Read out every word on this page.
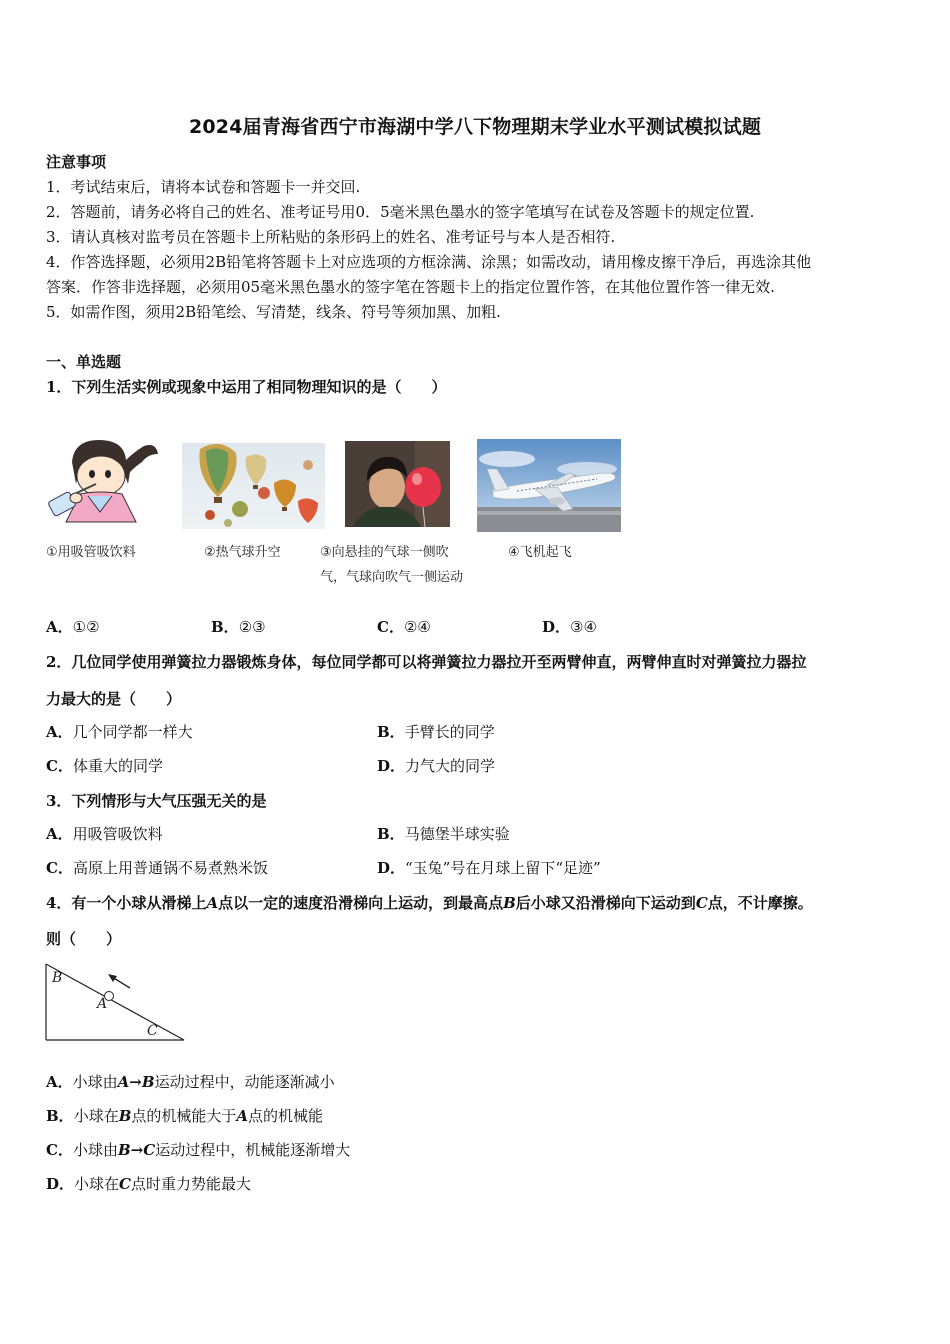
2024届青海省西宁市海湖中学八下物理期末学业水平测试模拟试题
注意事项
1．考试结束后，请将本试卷和答题卡一并交回.
2．答题前，请务必将自己的姓名、准考证号用0．5毫米黑色墨水的签字笔填写在试卷及答题卡的规定位置.
3．请认真核对监考员在答题卡上所粘贴的条形码上的姓名、准考证号与本人是否相符.
4．作答选择题，必须用2B铅笔将答题卡上对应选项的方框涂满、涂黑；如需改动，请用橡皮擦干净后，再选涂其他
答案．作答非选择题，必须用05毫米黑色墨水的签字笔在答题卡上的指定位置作答，在其他位置作答一律无效.
5．如需作图，须用2B铅笔绘、写清楚，线条、符号等须加黑、加粗.
一、单选题
1．下列生活实例或现象中运用了相同物理知识的是（　　）
①用吸管吸饮料	②热气球升空	③向悬挂的气球一侧吹
气，气球向吹气一侧运动
④飞机起飞
A．①②	B．②③	C．②④	D．③④
2．几位同学使用弹簧拉力器锻炼身体，每位同学都可以将弹簧拉力器拉开至两臂伸直，两臂伸直时对弹簧拉力器拉
力最大的是（　　）
A．几个同学都一样大	B．手臂长的同学
C．体重大的同学	D．力气大的同学
3．下列情形与大气压强无关的是
A．用吸管吸饮料	B．马德堡半球实验
C．高原上用普通锅不易煮熟米饭	D．“玉兔”号在月球上留下“足迹”
4．有一个小球从滑梯上A点以一定的速度沿滑梯向上运动，到最高点B后小球又沿滑梯向下运动到C点，不计摩擦。
则（　　）
B
A
C
A．小球由A→B运动过程中，动能逐渐减小
B．小球在B点的机械能大于A点的机械能
C．小球由B→C运动过程中，机械能逐渐增大
D．小球在C点时重力势能最大
